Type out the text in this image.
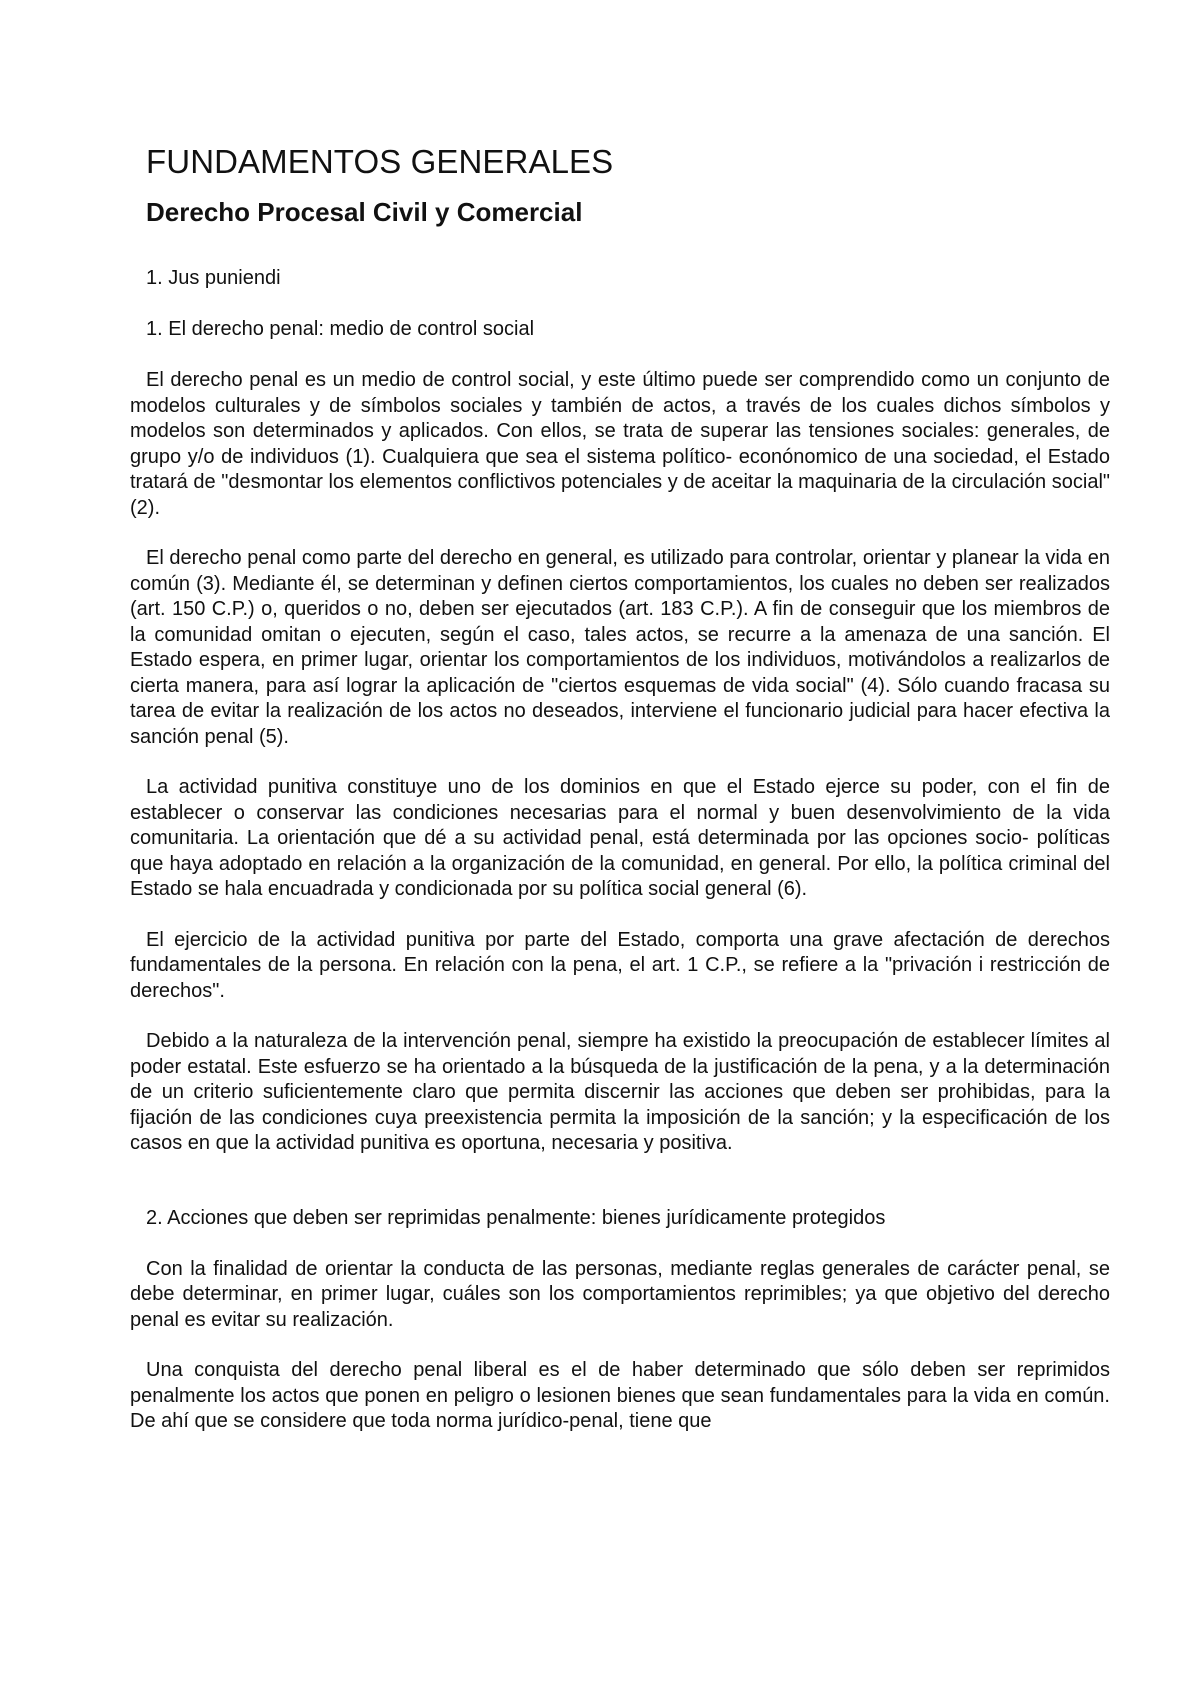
FUNDAMENTOS GENERALES
Derecho Procesal Civil y Comercial

1. Jus puniendi

1. El derecho penal: medio de control social

El derecho penal es un medio de control social, y este último puede ser comprendido como un conjunto de modelos culturales y de símbolos sociales y también de actos, a través de los cuales dichos símbolos y modelos son determinados y aplicados. Con ellos, se trata de superar las tensiones sociales: generales, de grupo y/o de individuos (1). Cualquiera que sea el sistema político- econónomico de una sociedad, el Estado tratará de "desmontar los elementos conflictivos potenciales y de aceitar la maquinaria de la circulación social" (2).

El derecho penal como parte del derecho en general, es utilizado para controlar, orientar y planear la vida en común (3). Mediante él, se determinan y definen ciertos comportamientos, los cuales no deben ser realizados (art. 150 C.P.) o, queridos o no, deben ser ejecutados (art. 183 C.P.). A fin de conseguir que los miembros de la comunidad omitan o ejecuten, según el caso, tales actos, se recurre a la amenaza de una sanción. El Estado espera, en primer lugar, orientar los comportamientos de los individuos, motivándolos a realizarlos de cierta manera, para así lograr la aplicación de "ciertos esquemas de vida social" (4). Sólo cuando fracasa su tarea de evitar la realización de los actos no deseados, interviene el funcionario judicial para hacer efectiva la sanción penal (5).

La actividad punitiva constituye uno de los dominios en que el Estado ejerce su poder, con el fin de establecer o conservar las condiciones necesarias para el normal y buen desenvolvimiento de la vida comunitaria. La orientación que dé a su actividad penal, está determinada por las opciones socio- políticas que haya adoptado en relación a la organización de la comunidad, en general. Por ello, la política criminal del Estado se hala encuadrada y condicionada por su política social general (6).

El ejercicio de la actividad punitiva por parte del Estado, comporta una grave afectación de derechos fundamentales de la persona. En relación con la pena, el art. 1 C.P., se refiere a la "privación i restricción de derechos".

Debido a la naturaleza de la intervención penal, siempre ha existido la preocupación de establecer límites al poder estatal. Este esfuerzo se ha orientado a la búsqueda de la justificación de la pena, y a la determinación de un criterio suficientemente claro que permita discernir las acciones que deben ser prohibidas, para la fijación de las condiciones cuya preexistencia permita la imposición de la sanción; y la especificación de los casos en que la actividad punitiva es oportuna, necesaria y positiva.

2. Acciones que deben ser reprimidas penalmente: bienes jurídicamente protegidos

Con la finalidad de orientar la conducta de las personas, mediante reglas generales de carácter penal, se debe determinar, en primer lugar, cuáles son los comportamientos reprimibles; ya que objetivo del derecho penal es evitar su realización.

Una conquista del derecho penal liberal es el de haber determinado que sólo deben ser reprimidos penalmente los actos que ponen en peligro o lesionen bienes que sean fundamentales para la vida en común. De ahí que se considere que toda norma jurídico-penal, tiene que
